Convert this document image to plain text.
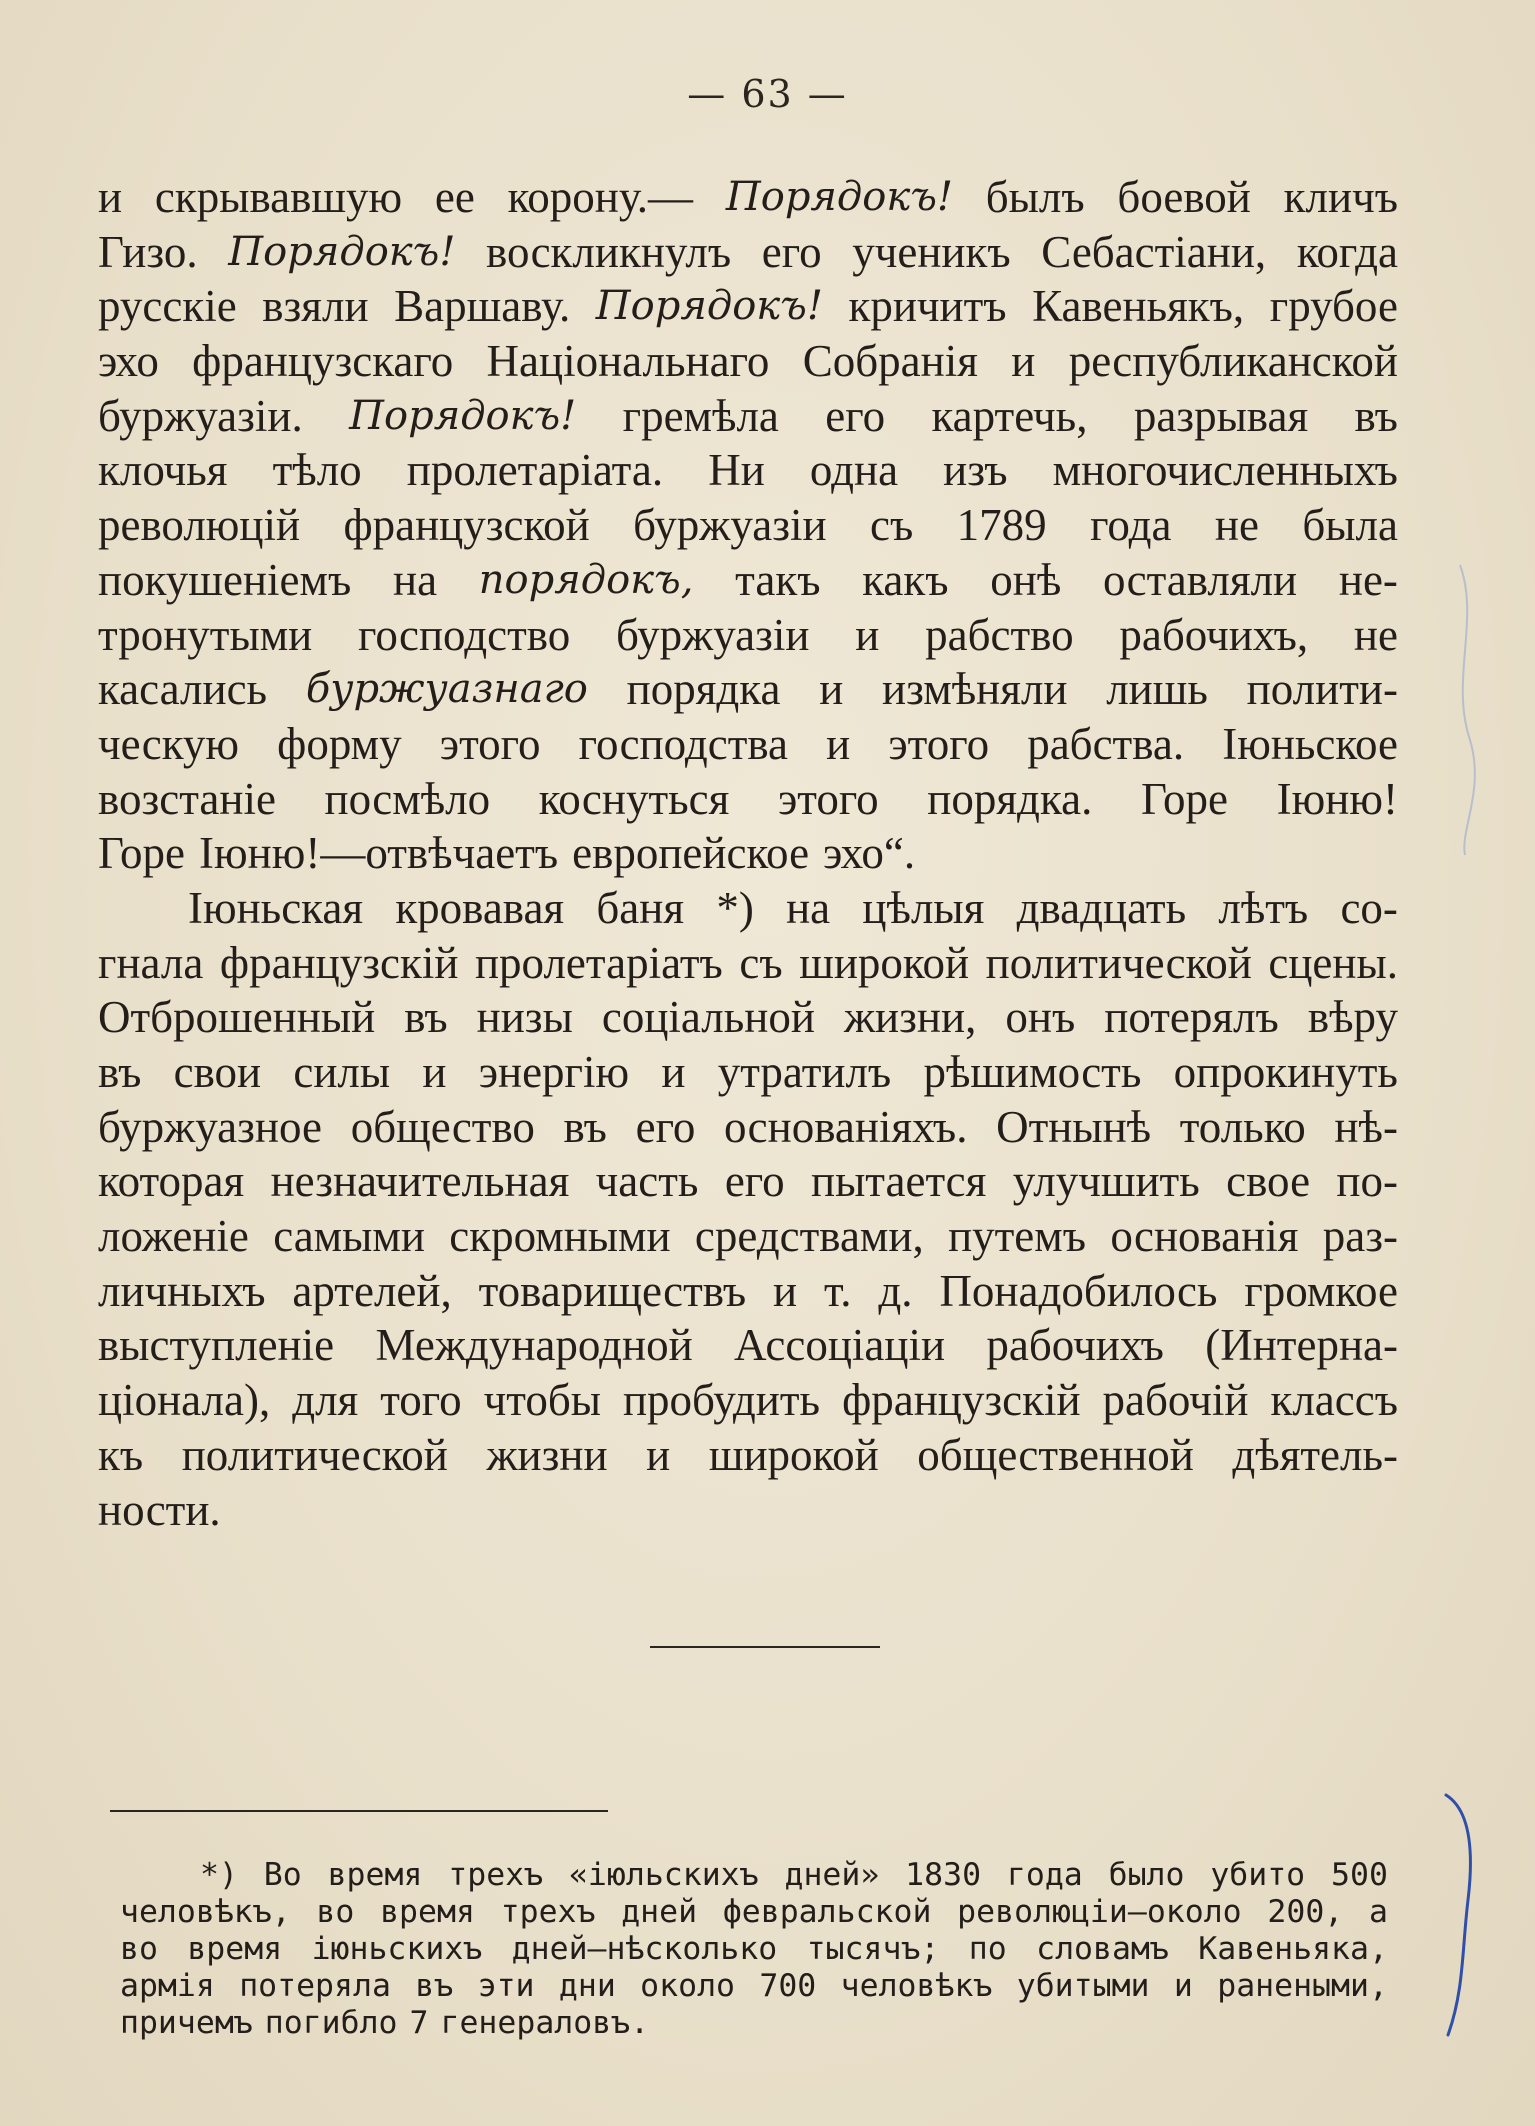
— 63 —
и скрывавшую ее корону.— Порядокъ! былъ боевой кличъ
Гизо. Порядокъ! воскликнулъ его ученикъ Себастіани, когда
русскіе взяли Варшаву. Порядокъ! кричитъ Кавеньякъ, грубое
эхо французскаго Національнаго Собранія и республиканской
буржуазіи. Порядокъ! гремѣла его картечь, разрывая въ
клочья тѣло пролетаріата. Ни одна изъ многочисленныхъ
революцій французской буржуазіи съ 1789 года не была
покушеніемъ на порядокъ, такъ какъ онѣ оставляли не-
тронутыми господство буржуазіи и рабство рабочихъ, не
касались буржуазнаго порядка и измѣняли лишь полити-
ческую форму этого господства и этого рабства. Іюньское
возстаніе посмѣло коснуться этого порядка. Горе Іюню!
Горе Іюню!—отвѣчаетъ европейское эхо“.
Іюньская кровавая баня *) на цѣлыя двадцать лѣтъ со-
гнала французскій пролетаріатъ съ широкой политической сцены.
Отброшенный въ низы соціальной жизни, онъ потерялъ вѣру
въ свои силы и энергію и утратилъ рѣшимость опрокинуть
буржуазное общество въ его основаніяхъ. Отнынѣ только нѣ-
которая незначительная часть его пытается улучшить свое по-
ложеніе самыми скромными средствами, путемъ основанія раз-
личныхъ артелей, товариществъ и т. д. Понадобилось громкое
выступленіе Международной Ассоціаціи рабочихъ (Интерна-
ціонала), для того чтобы пробудить французскій рабочій классъ
къ политической жизни и широкой общественной дѣятель-
ности.
*) Во время трехъ «іюльскихъ дней» 1830 года было убито 500
человѣкъ, во время трехъ дней февральской революціи—около 200, а
во время іюньскихъ дней—нѣсколько тысячъ; по словамъ Кавеньяка,
армія потеряла въ эти дни около 700 человѣкъ убитыми и ранеными,
причемъ погибло 7 генераловъ.
